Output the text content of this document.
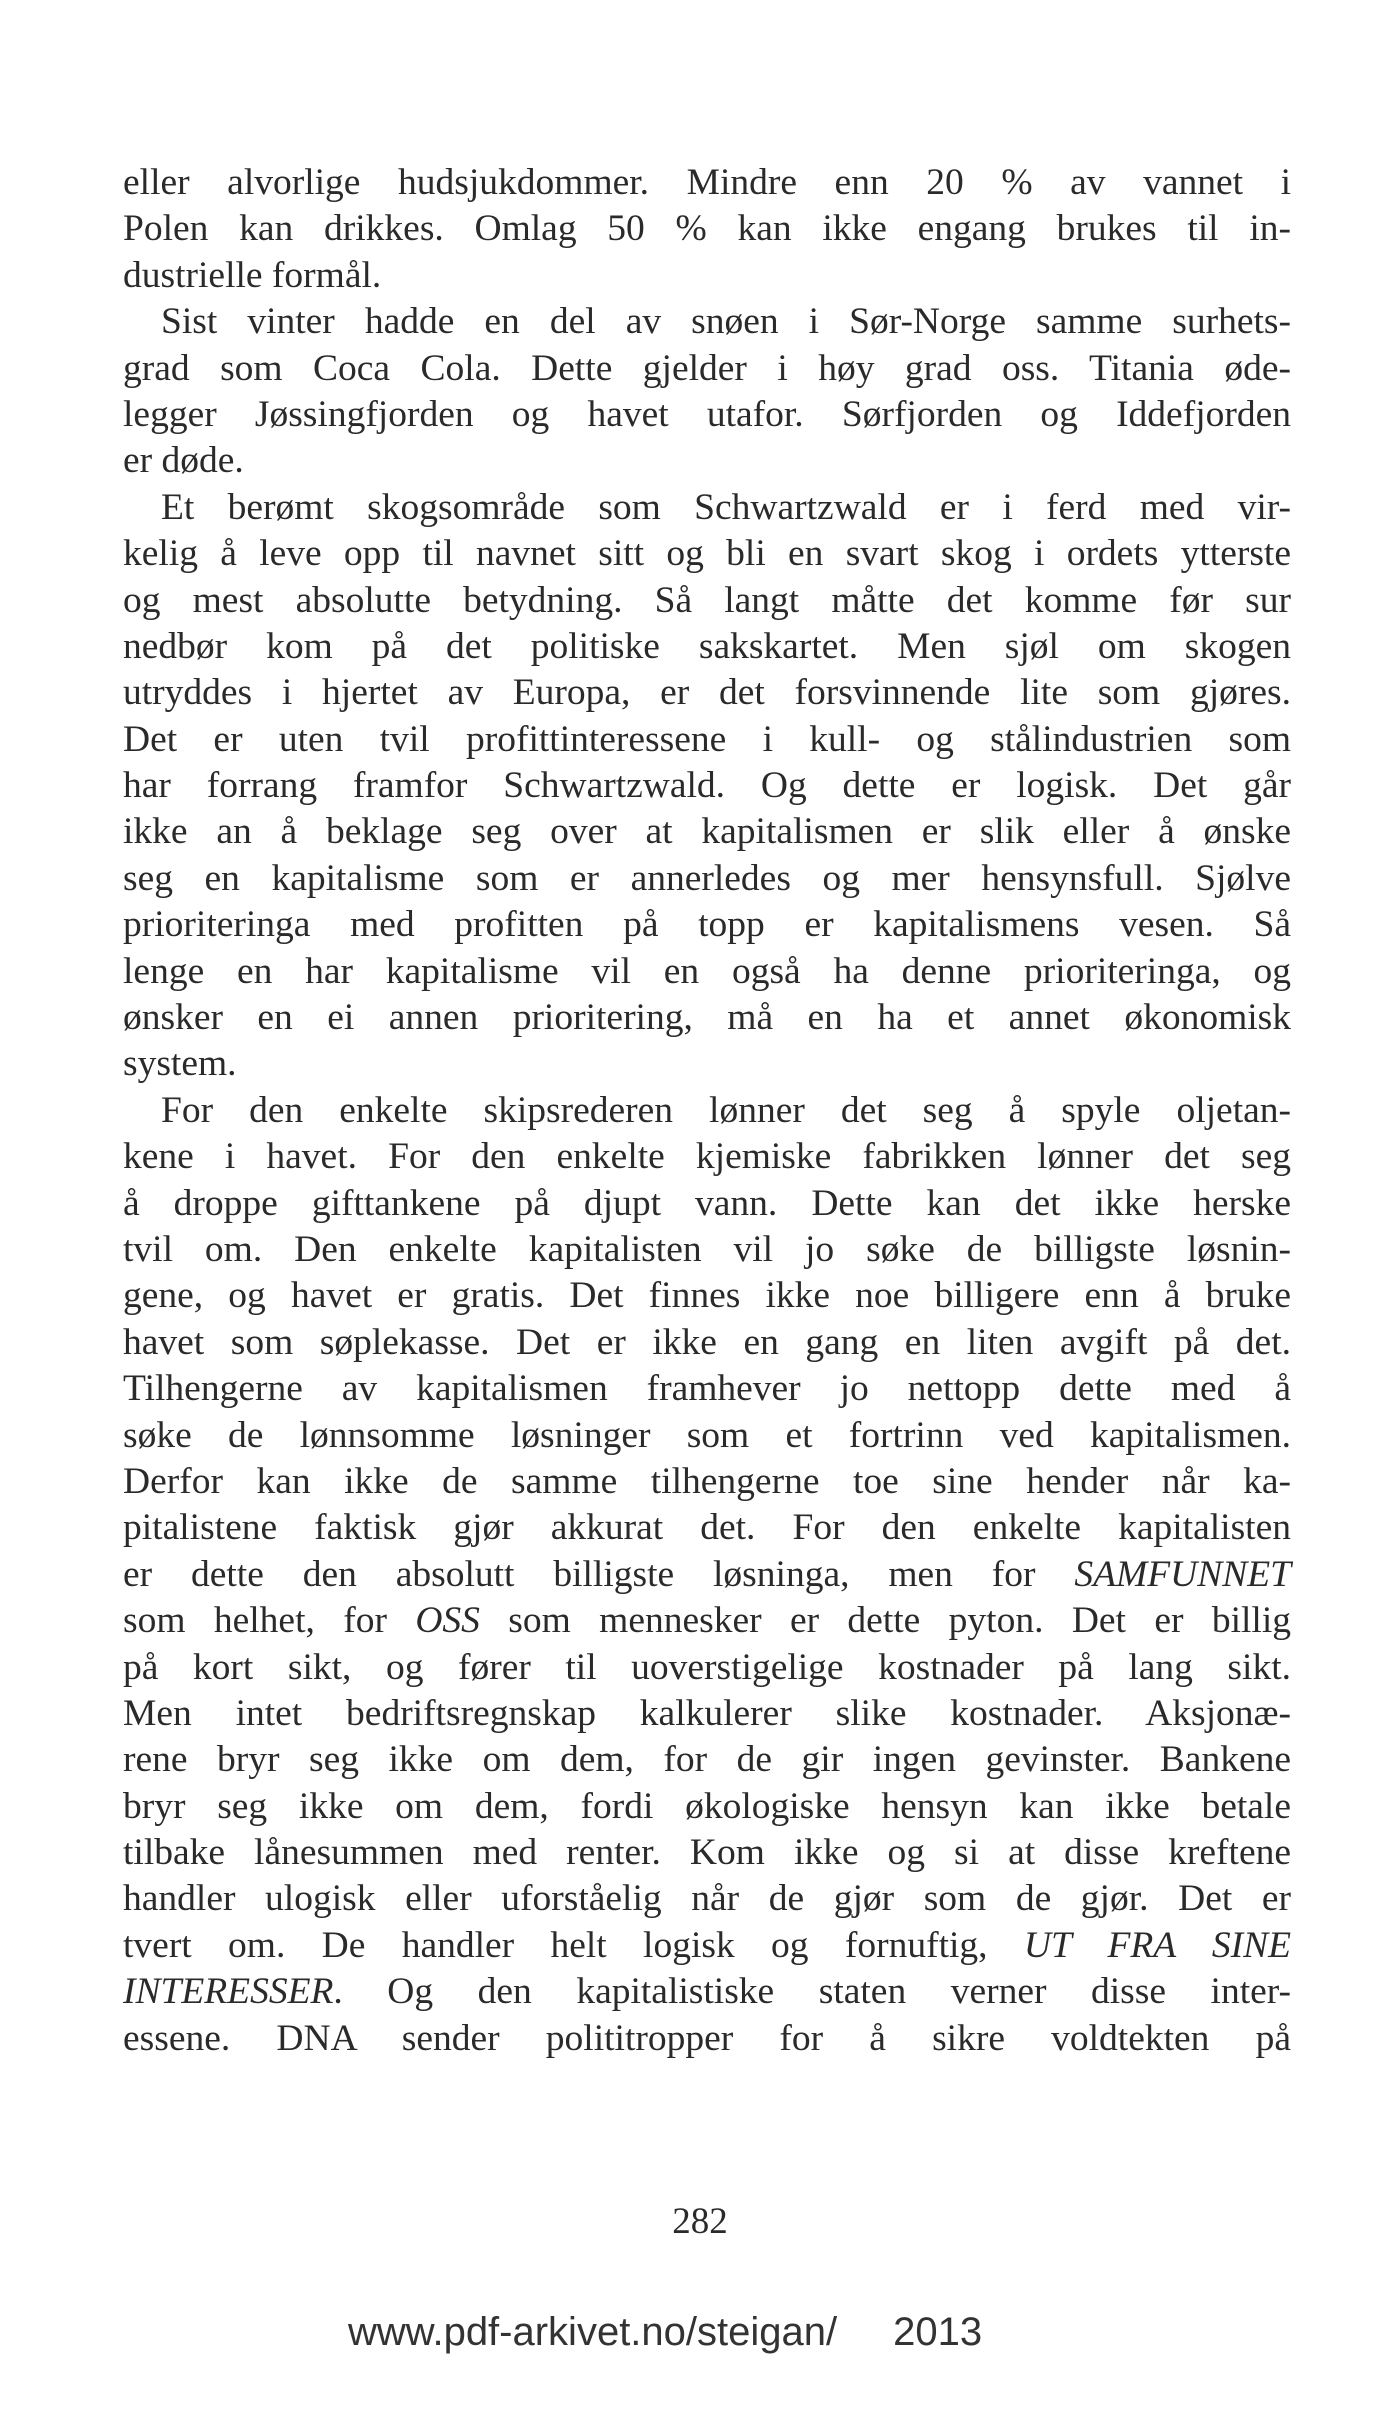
eller alvorlige hudsjukdommer. Mindre enn 20 % av vannet i
Polen kan drikkes. Omlag 50 % kan ikke engang brukes til in-
dustrielle formål.
Sist vinter hadde en del av snøen i Sør-Norge samme surhets-
grad som Coca Cola. Dette gjelder i høy grad oss. Titania øde-
legger Jøssingfjorden og havet utafor. Sørfjorden og Iddefjorden
er døde.
Et berømt skogsområde som Schwartzwald er i ferd med vir-
kelig å leve opp til navnet sitt og bli en svart skog i ordets ytterste
og mest absolutte betydning. Så langt måtte det komme før sur
nedbør kom på det politiske sakskartet. Men sjøl om skogen
utryddes i hjertet av Europa, er det forsvinnende lite som gjøres.
Det er uten tvil profittinteressene i kull- og stålindustrien som
har forrang framfor Schwartzwald. Og dette er logisk. Det går
ikke an å beklage seg over at kapitalismen er slik eller å ønske
seg en kapitalisme som er annerledes og mer hensynsfull. Sjølve
prioriteringa med profitten på topp er kapitalismens vesen. Så
lenge en har kapitalisme vil en også ha denne prioriteringa, og
ønsker en ei annen prioritering, må en ha et annet økonomisk
system.
For den enkelte skipsrederen lønner det seg å spyle oljetan-
kene i havet. For den enkelte kjemiske fabrikken lønner det seg
å droppe gifttankene på djupt vann. Dette kan det ikke herske
tvil om. Den enkelte kapitalisten vil jo søke de billigste løsnin-
gene, og havet er gratis. Det finnes ikke noe billigere enn å bruke
havet som søplekasse. Det er ikke en gang en liten avgift på det.
Tilhengerne av kapitalismen framhever jo nettopp dette med å
søke de lønnsomme løsninger som et fortrinn ved kapitalismen.
Derfor kan ikke de samme tilhengerne toe sine hender når ka-
pitalistene faktisk gjør akkurat det. For den enkelte kapitalisten
er dette den absolutt billigste løsninga, men for SAMFUNNET
som helhet, for OSS som mennesker er dette pyton. Det er billig
på kort sikt, og fører til uoverstigelige kostnader på lang sikt.
Men intet bedriftsregnskap kalkulerer slike kostnader. Aksjonæ-
rene bryr seg ikke om dem, for de gir ingen gevinster. Bankene
bryr seg ikke om dem, fordi økologiske hensyn kan ikke betale
tilbake lånesummen med renter. Kom ikke og si at disse kreftene
handler ulogisk eller uforståelig når de gjør som de gjør. Det er
tvert om. De handler helt logisk og fornuftig, UT FRA SINE
INTERESSER. Og den kapitalistiske staten verner disse inter-
essene. DNA sender polititropper for å sikre voldtekten på
282
www.pdf-arkivet.no/steigan/ 2013
